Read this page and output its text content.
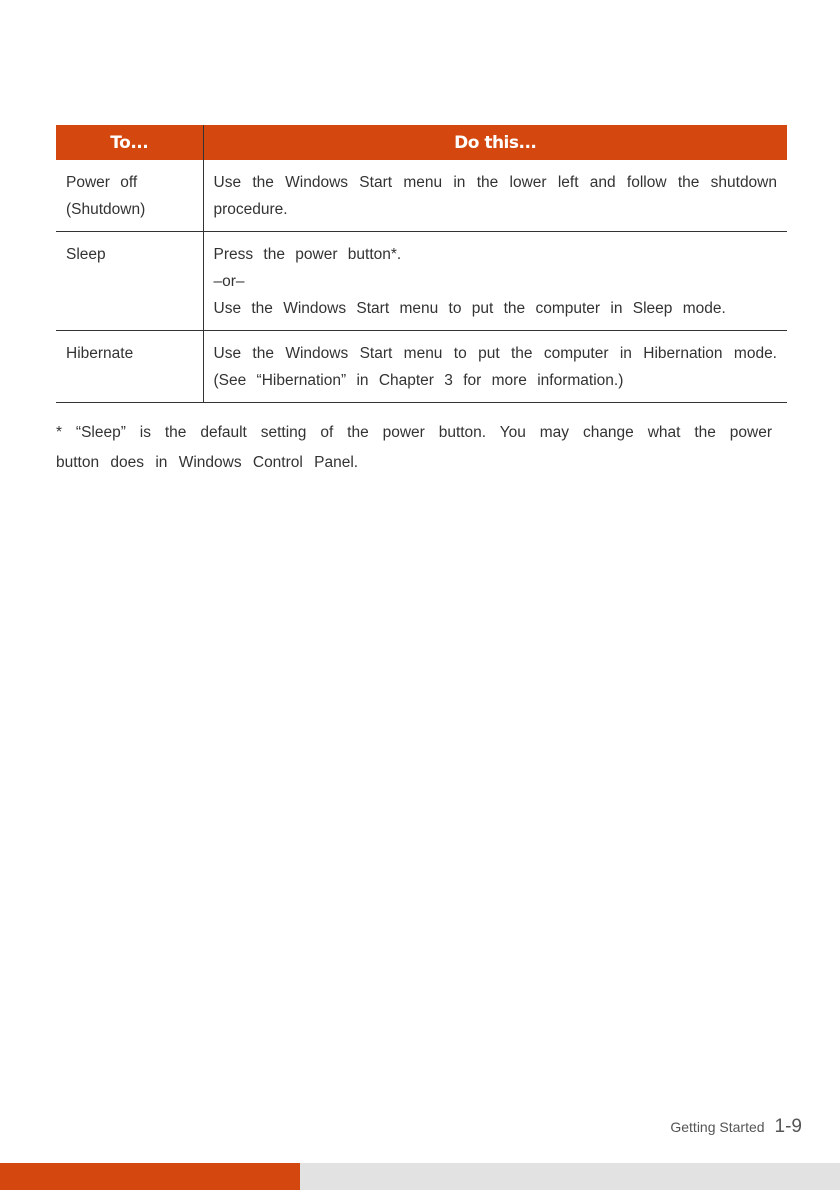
To...	Do this...

Power off
(Shutdown)	Use the Windows Start menu in the lower left and follow the shutdown procedure.

Sleep	Press the power button*.
–or–
Use the Windows Start menu to put the computer in Sleep mode.

Hibernate	Use the Windows Start menu to put the computer in Hibernation mode. (See “Hibernation” in Chapter 3 for more information.)
* “Sleep” is the default setting of the power button. You may change what the power button does in Windows Control Panel.
Getting Started 1-9
